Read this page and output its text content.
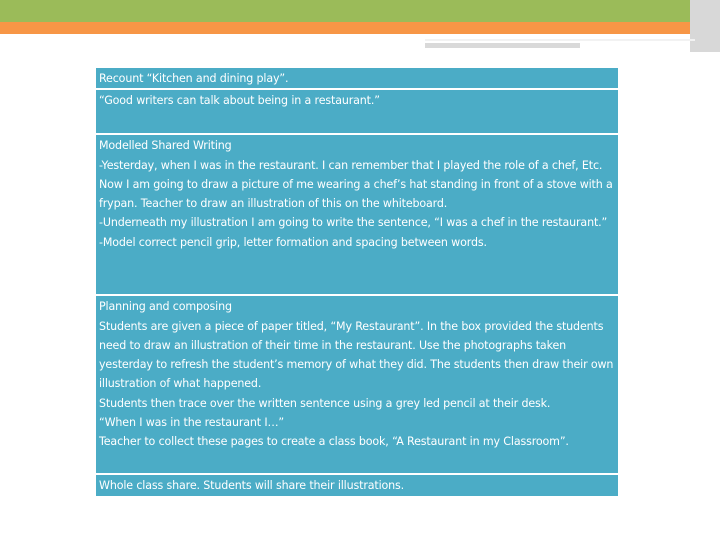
Recount “Kitchen and dining play”.

“Good writers can talk about being in a restaurant.”

Modelled Shared Writing

-Yesterday, when I was in the restaurant. I can remember that I played the role of a chef, Etc. Now I am going to draw a picture of me wearing a chef’s hat standing in front of a stove with a frypan. Teacher to draw an illustration of this on the whiteboard.

-Underneath my illustration I am going to write the sentence, “I was a chef in the restaurant.”

-Model correct pencil grip, letter formation and spacing between words.

Planning and composing

Students are given a piece of paper titled, “My Restaurant”. In the box provided the students need to draw an illustration of their time in the restaurant. Use the photographs taken yesterday to refresh the student’s memory of what they did. The students then draw their own illustration of what happened.

Students then trace over the written sentence using a grey led pencil at their desk.

“When I was in the restaurant I…”

Teacher to collect these pages to create a class book, “A Restaurant in my Classroom”.

Whole class share. Students will share their illustrations.
